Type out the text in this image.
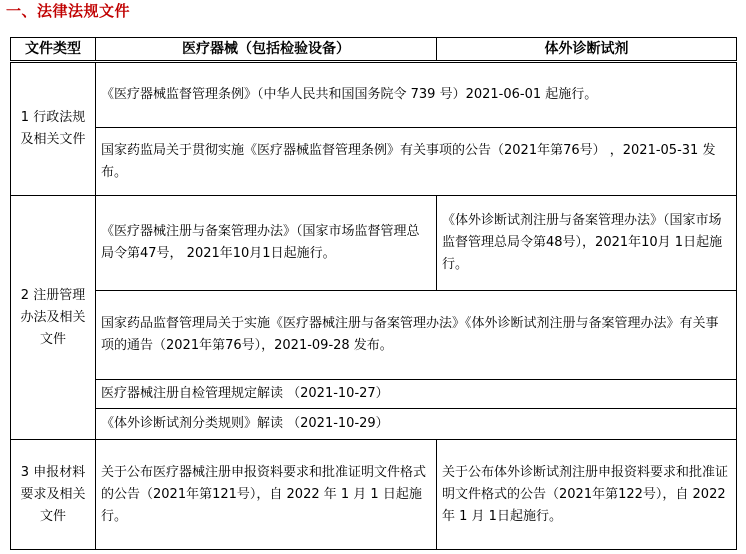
一、法律法规文件
文件类型	医疗器械（包括检验设备）	体外诊断试剂
1 行政法规及相关文件	《医疗器械监督管理条例》（中华人民共和国国务院令 739 号）2021-06-01 起施行。	
	国家药监局关于贯彻实施《医疗器械监督管理条例》有关事项的公告（2021年第76号） ，2021-05-31 发布。	
2 注册管理办法及相关文件	《医疗器械注册与备案管理办法》（国家市场监督管理总局令第47号， 2021年10月1日起施行。	《体外诊断试剂注册与备案管理办法》（国家市场监督管理总局令第48号），2021年10月 1日起施行。
	国家药品监督管理局关于实施《医疗器械注册与备案管理办法》《体外诊断试剂注册与备案管理办法》有关事项的通告（2021年第76号），2021-09-28 发布。	
	医疗器械注册自检管理规定解读 （2021-10-27）	
	《体外诊断试剂分类规则》解读 （2021-10-29）	
3 申报材料要求及相关文件	关于公布医疗器械注册申报资料要求和批准证明文件格式的公告（2021年第121号），自 2022 年 1 月 1 日起施行。	关于公布体外诊断试剂注册申报资料要求和批准证明文件格式的公告（2021年第122号），自 2022 年 1 月 1日起施行。
